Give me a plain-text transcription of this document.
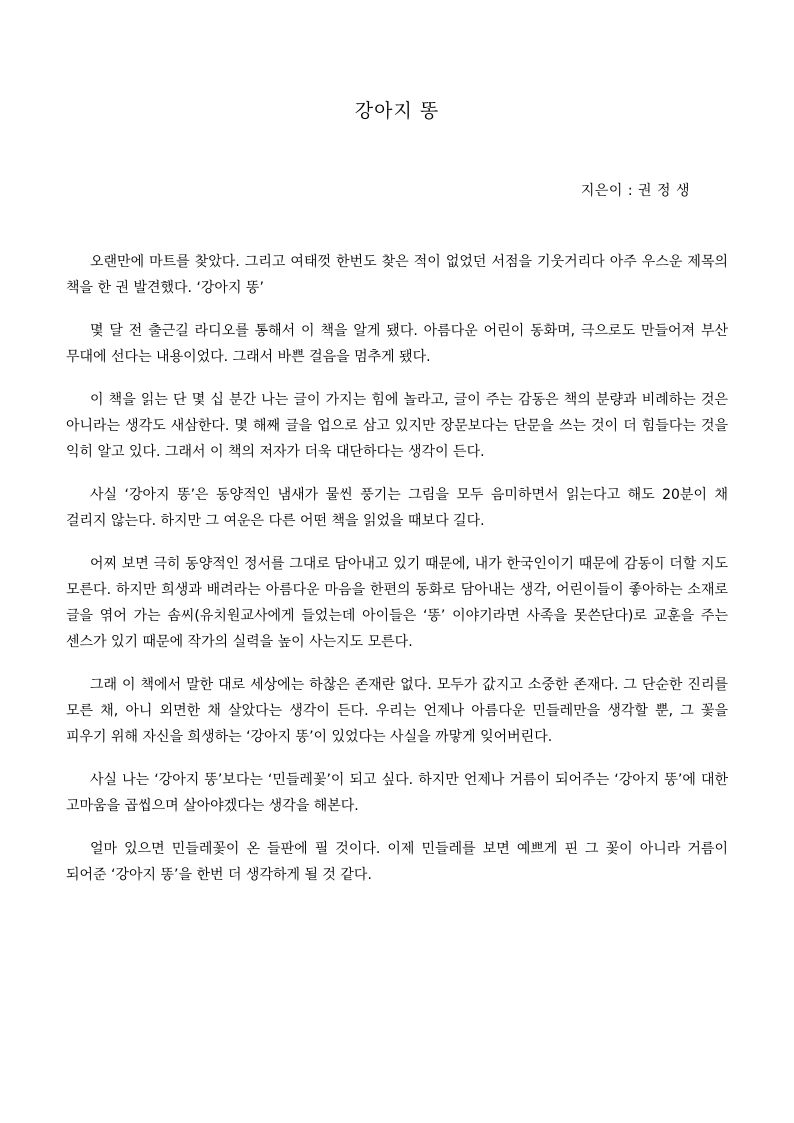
강아지 똥
지은이 : 권 정 생

오랜만에 마트를 찾았다. 그리고 여태껏 한번도 찾은 적이 없었던 서점을 기웃거리다 아주 우스운 제목의 책을 한 권 발견했다. ‘강아지 똥’

몇 달 전 출근길 라디오를 통해서 이 책을 알게 됐다. 아름다운 어린이 동화며, 극으로도 만들어져 부산 무대에 선다는 내용이었다. 그래서 바쁜 걸음을 멈추게 됐다.

이 책을 읽는 단 몇 십 분간 나는 글이 가지는 힘에 놀라고, 글이 주는 감동은 책의 분량과 비례하는 것은 아니라는 생각도 새삼한다. 몇 해째 글을 업으로 삼고 있지만 장문보다는 단문을 쓰는 것이 더 힘들다는 것을 익히 알고 있다. 그래서 이 책의 저자가 더욱 대단하다는 생각이 든다.

사실 ‘강아지 똥’은 동양적인 냄새가 물씬 풍기는 그림을 모두 음미하면서 읽는다고 해도 20분이 채 걸리지 않는다. 하지만 그 여운은 다른 어떤 책을 읽었을 때보다 길다.

어찌 보면 극히 동양적인 정서를 그대로 담아내고 있기 때문에, 내가 한국인이기 때문에 감동이 더할 지도 모른다. 하지만 희생과 배려라는 아름다운 마음을 한편의 동화로 담아내는 생각, 어린이들이 좋아하는 소재로 글을 엮어 가는 솜씨(유치원교사에게 들었는데 아이들은 ‘똥’ 이야기라면 사족을 못쓴단다)로 교훈을 주는 센스가 있기 때문에 작가의 실력을 높이 사는지도 모른다.

그래 이 책에서 말한 대로 세상에는 하찮은 존재란 없다. 모두가 값지고 소중한 존재다. 그 단순한 진리를 모른 채, 아니 외면한 채 살았다는 생각이 든다. 우리는 언제나 아름다운 민들레만을 생각할 뿐, 그 꽃을 피우기 위해 자신을 희생하는 ‘강아지 똥’이 있었다는 사실을 까맣게 잊어버린다.

사실 나는 ‘강아지 똥’보다는 ‘민들레꽃’이 되고 싶다. 하지만 언제나 거름이 되어주는 ‘강아지 똥’에 대한 고마움을 곱씹으며 살아야겠다는 생각을 해본다.

얼마 있으면 민들레꽃이 온 들판에 필 것이다. 이제 민들레를 보면 예쁘게 핀 그 꽃이 아니라 거름이 되어준 ‘강아지 똥’을 한번 더 생각하게 될 것 같다.
